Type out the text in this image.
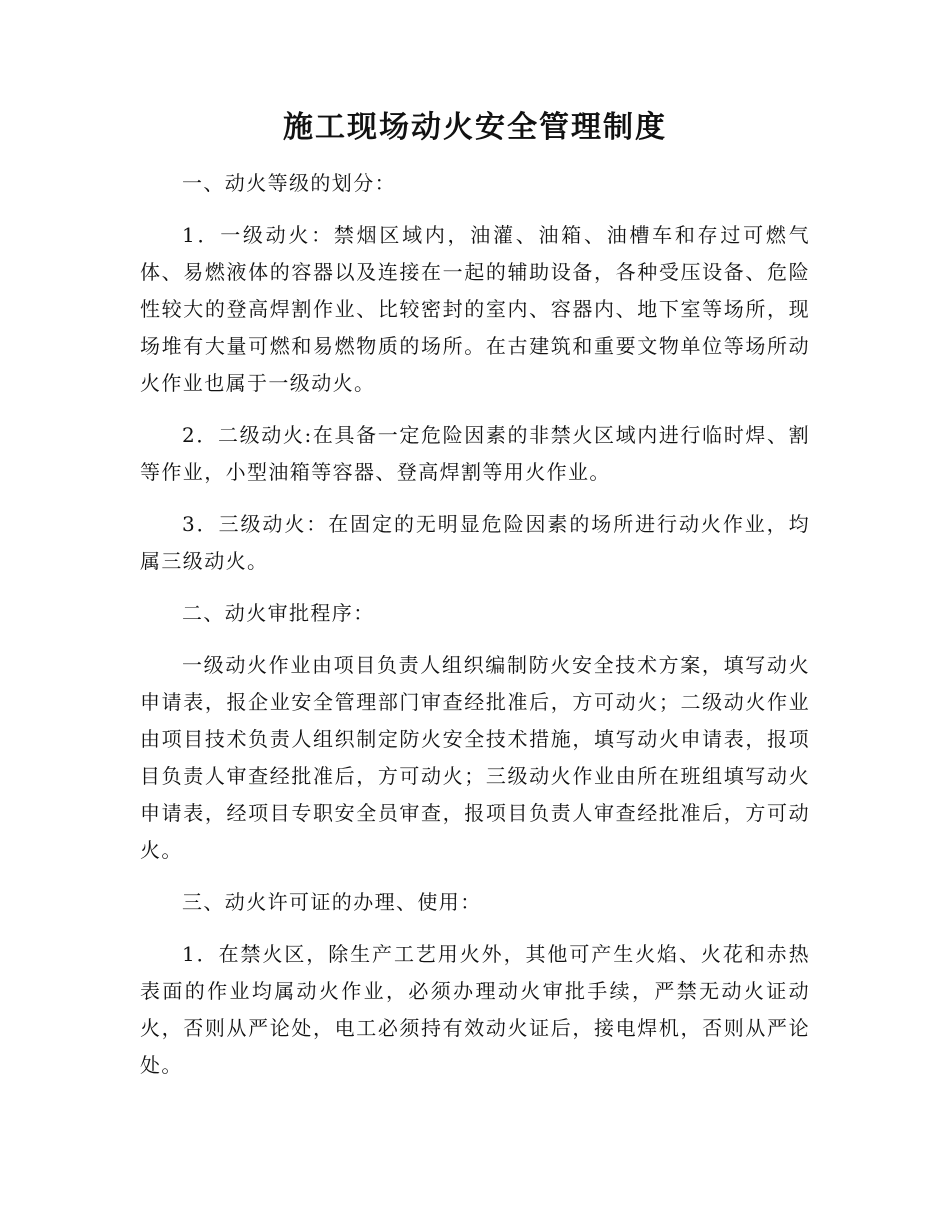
施工现场动火安全管理制度

一、动火等级的划分：

1．一级动火：禁烟区域内，油灌、油箱、油槽车和存过可燃气体、易燃液体的容器以及连接在一起的辅助设备，各种受压设备、危险性较大的登高焊割作业、比较密封的室内、容器内、地下室等场所，现场堆有大量可燃和易燃物质的场所。在古建筑和重要文物单位等场所动火作业也属于一级动火。

2．二级动火:在具备一定危险因素的非禁火区域内进行临时焊、割等作业，小型油箱等容器、登高焊割等用火作业。

3．三级动火：在固定的无明显危险因素的场所进行动火作业，均属三级动火。

二、动火审批程序：

一级动火作业由项目负责人组织编制防火安全技术方案，填写动火申请表，报企业安全管理部门审查经批准后，方可动火；二级动火作业由项目技术负责人组织制定防火安全技术措施，填写动火申请表，报项目负责人审查经批准后，方可动火；三级动火作业由所在班组填写动火申请表，经项目专职安全员审查，报项目负责人审查经批准后，方可动火。

三、动火许可证的办理、使用：

1．在禁火区，除生产工艺用火外，其他可产生火焰、火花和赤热表面的作业均属动火作业，必须办理动火审批手续，严禁无动火证动火，否则从严论处，电工必须持有效动火证后，接电焊机，否则从严论处。
